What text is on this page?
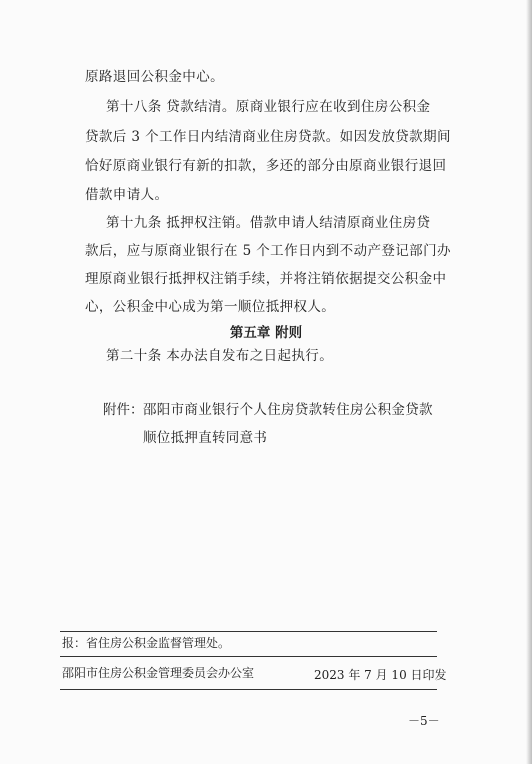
原路退回公积金中心。
第十八条 贷款结清。原商业银行应在收到住房公积金
贷款后 3 个工作日内结清商业住房贷款。如因发放贷款期间
恰好原商业银行有新的扣款，多还的部分由原商业银行退回
借款申请人。
第十九条 抵押权注销。借款申请人结清原商业住房贷
款后，应与原商业银行在 5 个工作日内到不动产登记部门办
理原商业银行抵押权注销手续，并将注销依据提交公积金中
心，公积金中心成为第一顺位抵押权人。
第五章 附则
第二十条 本办法自发布之日起执行。
附件： 邵阳市商业银行个人住房贷款转住房公积金贷款
顺位抵押直转同意书
报：省住房公积金监督管理处。
邵阳市住房公积金管理委员会办公室	2023 年 7 月 10 日印发
－5－
